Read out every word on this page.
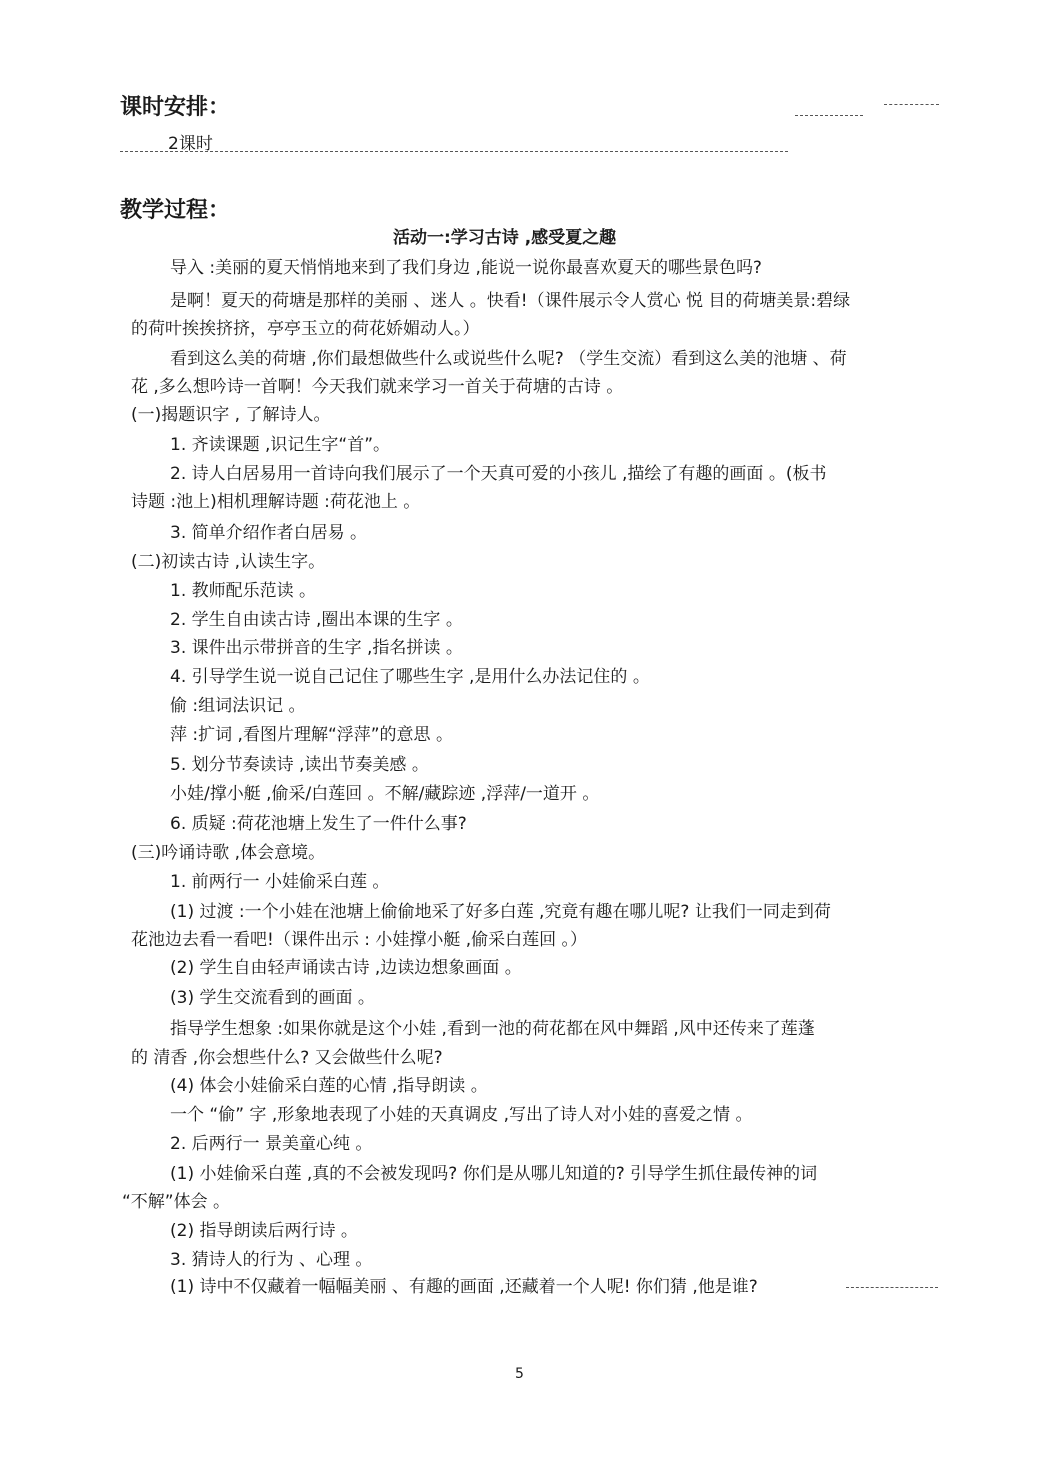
课时安排：
2课时
教学过程：
活动一:学习古诗 ,感受夏之趣
导入 :美丽的夏天悄悄地来到了我们身边 ,能说一说你最喜欢夏天的哪些景色吗?
是啊！夏天的荷塘是那样的美丽 、迷人 。快看!（课件展示令人赏心 悦 目的荷塘美景:碧绿
的荷叶挨挨挤挤，亭亭玉立的荷花娇媚动人。）
看到这么美的荷塘 ,你们最想做些什么或说些什么呢? （学生交流）看到这么美的池塘 、荷
花 ,多么想吟诗一首啊！今天我们就来学习一首关于荷塘的古诗 。
(一)揭题识字 , 了解诗人。
1. 齐读课题 ,识记生字“首”。
2. 诗人白居易用一首诗向我们展示了一个天真可爱的小孩儿 ,描绘了有趣的画面 。(板书
诗题 :池上)相机理解诗题 :荷花池上 。
3. 简单介绍作者白居易 。
(二)初读古诗 ,认读生字。
1. 教师配乐范读 。
2. 学生自由读古诗 ,圈出本课的生字 。
3. 课件出示带拼音的生字 ,指名拼读 。
4. 引导学生说一说自己记住了哪些生字 ,是用什么办法记住的 。
偷 :组词法识记 。
萍 :扩词 ,看图片理解“浮萍”的意思 。
5. 划分节奏读诗 ,读出节奏美感 。
小娃/撑小艇 ,偷采/白莲回 。不解/藏踪迹 ,浮萍/一道开 。
6. 质疑 :荷花池塘上发生了一件什么事?
(三)吟诵诗歌 ,体会意境。
1. 前两行一 小娃偷采白莲 。
(1) 过渡 :一个小娃在池塘上偷偷地采了好多白莲 ,究竟有趣在哪儿呢? 让我们一同走到荷
花池边去看一看吧!（课件出示 : 小娃撑小艇 ,偷采白莲回 。）
(2) 学生自由轻声诵读古诗 ,边读边想象画面 。
(3) 学生交流看到的画面 。
指导学生想象 :如果你就是这个小娃 ,看到一池的荷花都在风中舞蹈 ,风中还传来了莲蓬
的 清香 ,你会想些什么? 又会做些什么呢?
(4) 体会小娃偷采白莲的心情 ,指导朗读 。
一个 “偷” 字 ,形象地表现了小娃的天真调皮 ,写出了诗人对小娃的喜爱之情 。
2. 后两行一 景美童心纯 。
(1) 小娃偷采白莲 ,真的不会被发现吗? 你们是从哪儿知道的? 引导学生抓住最传神的词
“不解”体会 。
(2) 指导朗读后两行诗 。
3. 猜诗人的行为 、心理 。
(1) 诗中不仅藏着一幅幅美丽 、有趣的画面 ,还藏着一个人呢! 你们猜 ,他是谁?
5
